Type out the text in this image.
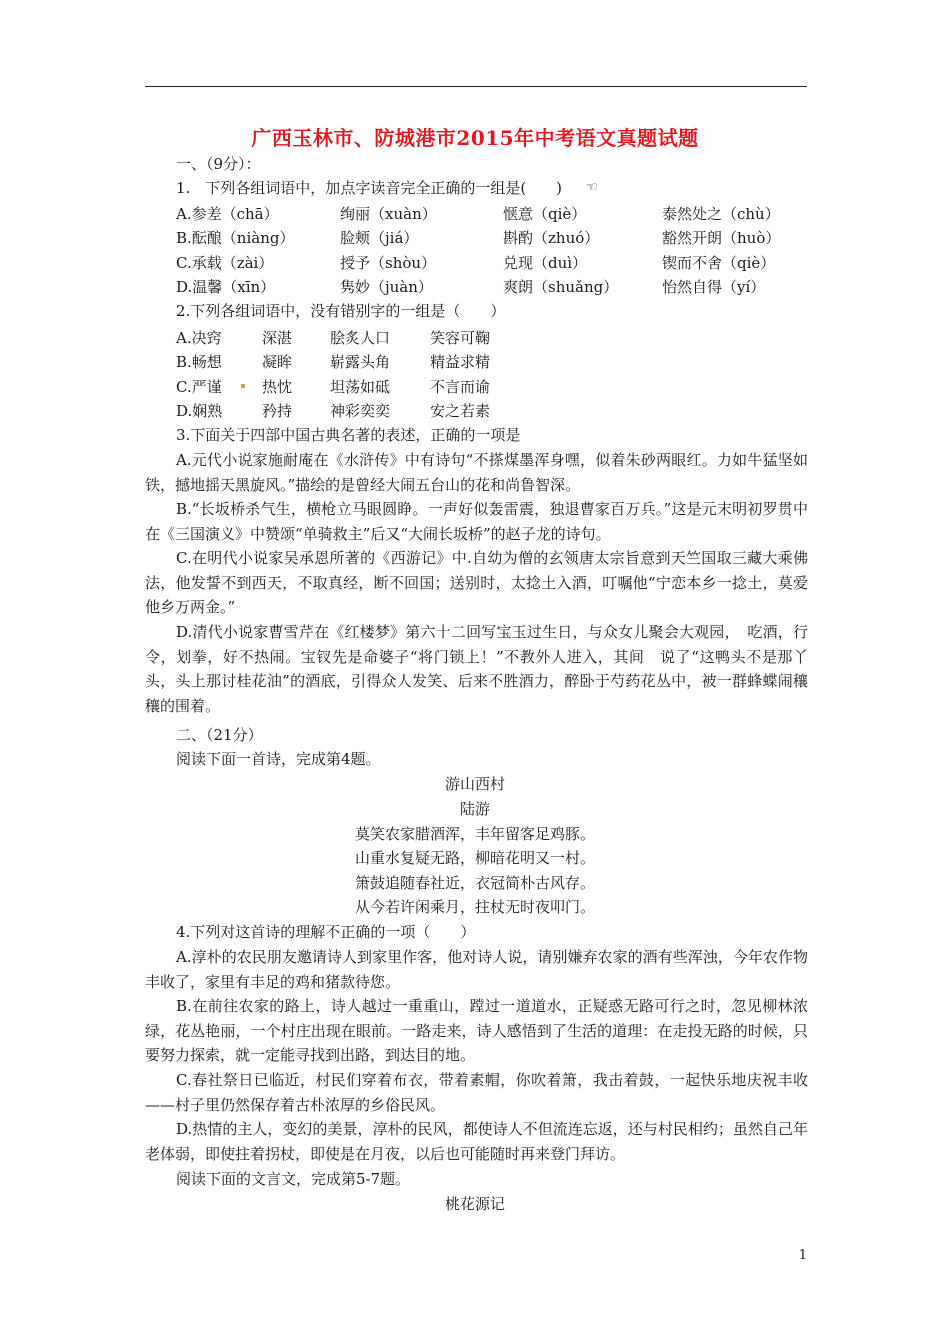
广西玉林市、防城港市2015年中考语文真题试题
一、（9分）：
1.　下列各组词语中，加点字读音完全正确的一组是(　　) ☜
A.参差（chā）	绚丽（xuàn）	惬意（qiè）	泰然处之（chù）
B.酝酿（niàng）	脸颊（jiá）	斟酌（zhuó）	豁然开朗（huò）
C.承载（zài）	授予（shòu）	兑现（duì）	锲而不舍（qiè）
D.温馨（xīn）	隽妙（juàn）	爽朗（shuǎng）	怡然自得（yí）
2.下列各组词语中，没有错别字的一组是（　　）
A.决窍	深湛	脍炙人口	笑容可鞠
B.畅想	凝眸	崭露头角	精益求精
C.严谨	热忱	坦荡如砥	不言而谕
D.娴熟	矜持	神彩奕奕	安之若素
3.下面关于四部中国古典名著的表述，正确的一项是
A.元代小说家施耐庵在《水浒传》中有诗句“不搽煤墨浑身嘿，似着朱砂两眼红。力如牛猛坚如铁，撼地摇天黑旋风。”描绘的是曾经大闹五台山的花和尚鲁智深。
B.“长坂桥杀气生，横枪立马眼圆睁。一声好似轰雷震，独退曹家百万兵。”这是元末明初罗贯中在《三国演义》中赞颂“单骑救主”后又“大闹长坂桥”的赵子龙的诗句。
C.在明代小说家吴承恩所著的《西游记》中.自幼为僧的玄领唐太宗旨意到天竺国取三藏大乘佛法，他发誓不到西天，不取真经，断不回国；送别时，太捻土入酒，叮嘱他“宁恋本乡一捻土，莫爱他乡万两金。”
D.清代小说家曹雪芹在《红楼梦》第六十二回写宝玉过生日，与众女儿聚会大观园，　吃酒，行令，划拳，好不热闹。宝钗先是命婆子“将门锁上！”不教外人进入，其间　说了“这鸭头不是那丫头，头上那讨桂花油”的酒底，引得众人发笑、后来不胜酒力，醉卧于芍药花丛中，被一群蜂蝶闹穰穰的围着。
二、（21分）
阅读下面一首诗，完成第4题。
游山西村
陆游
莫笑农家腊酒浑，丰年留客足鸡豚。
山重水复疑无路，柳暗花明又一村。
箫鼓追随春社近，衣冠简朴古风存。
从今若许闲乘月，拄杖无时夜叩门。
4.下列对这首诗的理解不正确的一项（　　）
A.淳朴的农民朋友邀请诗人到家里作客，他对诗人说，请别嫌弃农家的酒有些浑浊，今年农作物丰收了，家里有丰足的鸡和猪款待您。
B.在前往农家的路上，诗人越过一重重山，蹚过一道道水，正疑惑无路可行之时，忽见柳林浓绿，花丛艳丽，一个村庄出现在眼前。一路走来，诗人感悟到了生活的道理：在走投无路的时候，只要努力探索，就一定能寻找到出路，到达目的地。
C.春社祭日已临近，村民们穿着布衣，带着素帽，你吹着箫，我击着鼓，一起快乐地庆祝丰收——村子里仍然保存着古朴浓厚的乡俗民风。
D.热情的主人，变幻的美景，淳朴的民风，都使诗人不但流连忘返，还与村民相约；虽然自己年老体弱，即使拄着拐杖，即使是在月夜，以后也可能随时再来登门拜访。
阅读下面的文言文，完成第5-7题。
桃花源记
1
